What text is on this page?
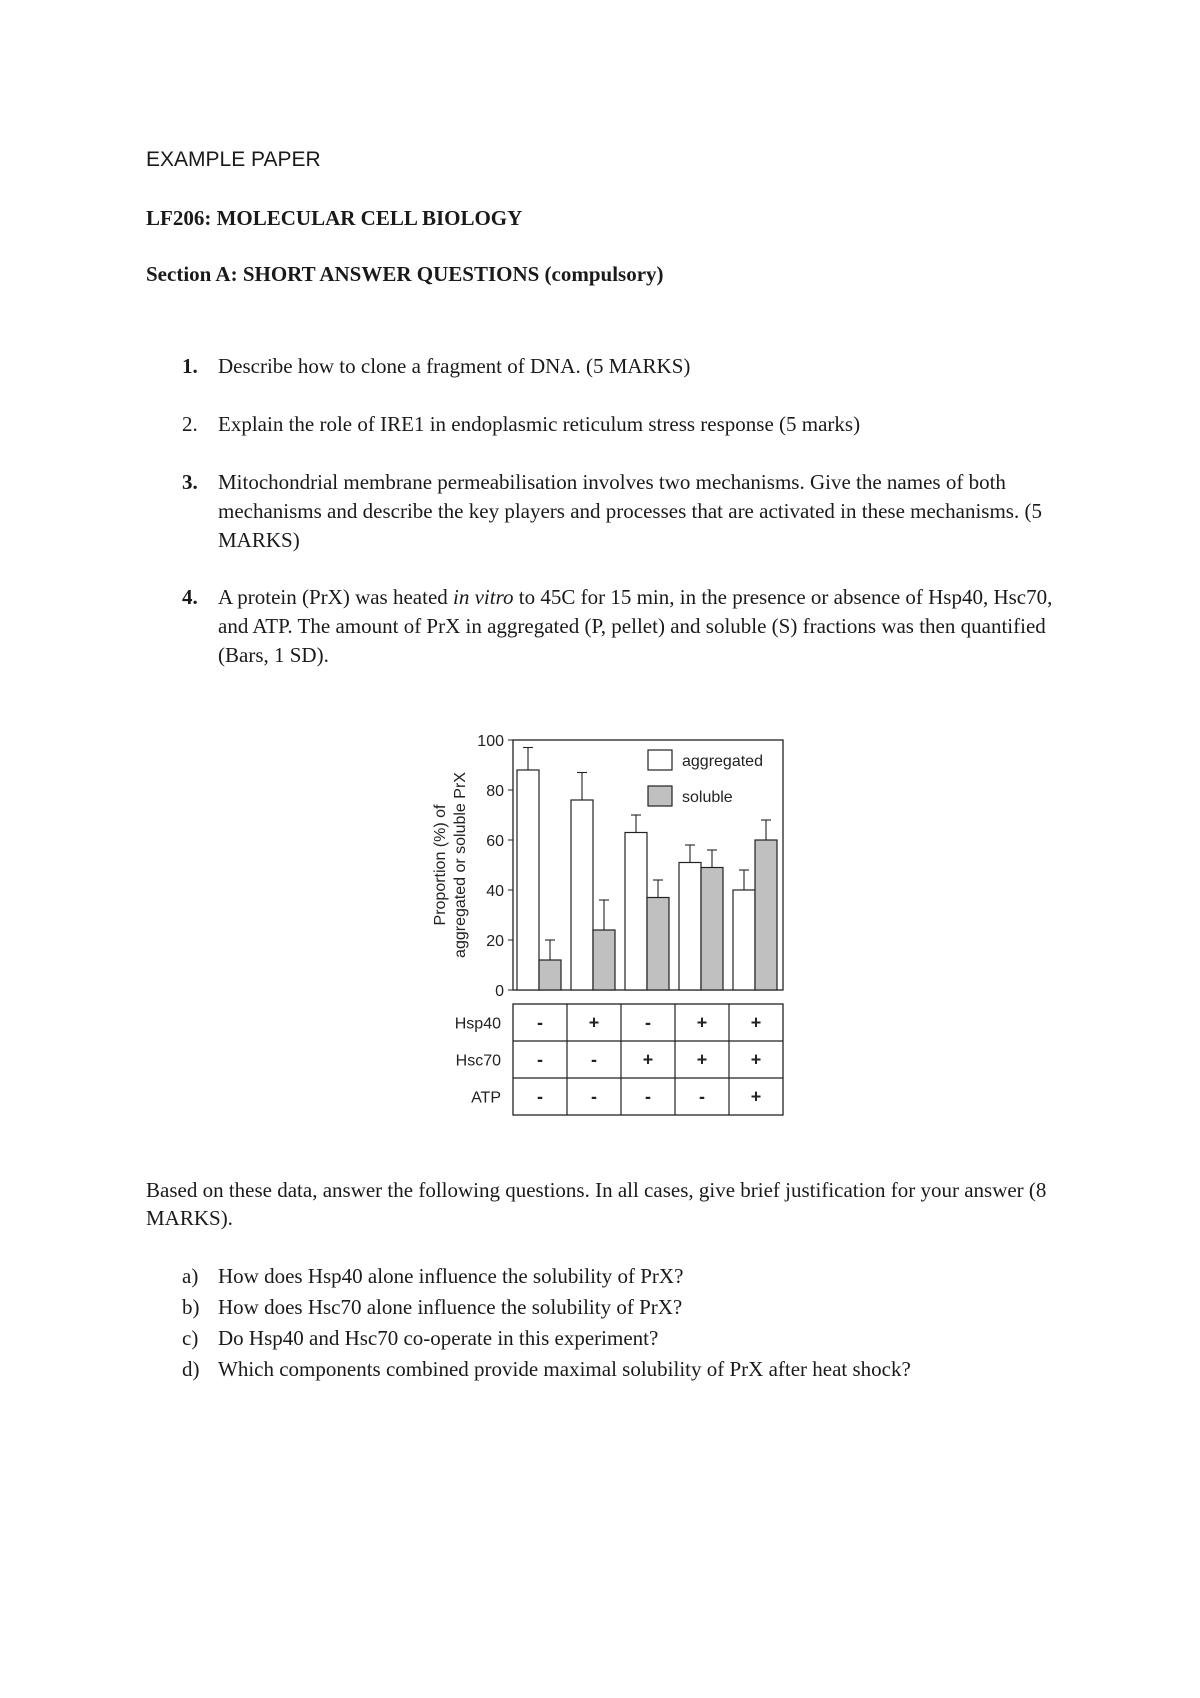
EXAMPLE PAPER
LF206: MOLECULAR CELL BIOLOGY
Section A: SHORT ANSWER QUESTIONS (compulsory)
1. Describe how to clone a fragment of DNA. (5 MARKS)
2. Explain the role of IRE1 in endoplasmic reticulum stress response (5 marks)
3. Mitochondrial membrane permeabilisation involves two mechanisms. Give the names of both mechanisms and describe the key players and processes that are activated in these mechanisms. (5 MARKS)
4. A protein (PrX) was heated in vitro to 45C for 15 min, in the presence or absence of Hsp40, Hsc70, and ATP. The amount of PrX in aggregated (P, pellet) and soluble (S) fractions was then quantified (Bars, 1 SD).
0
20
40
60
80
100
Proportion (%) of aggregated or soluble PrX
aggregated
soluble
Hsp40 -	+	-	+ +
Hsc70 -	-	+ + +
ATP -	-	-	-	+
Based on these data, answer the following questions. In all cases, give brief justification for your answer (8 MARKS).
a) How does Hsp40 alone influence the solubility of PrX?
b) How does Hsc70 alone influence the solubility of PrX?
c) Do Hsp40 and Hsc70 co-operate in this experiment?
d) Which components combined provide maximal solubility of PrX after heat shock?
